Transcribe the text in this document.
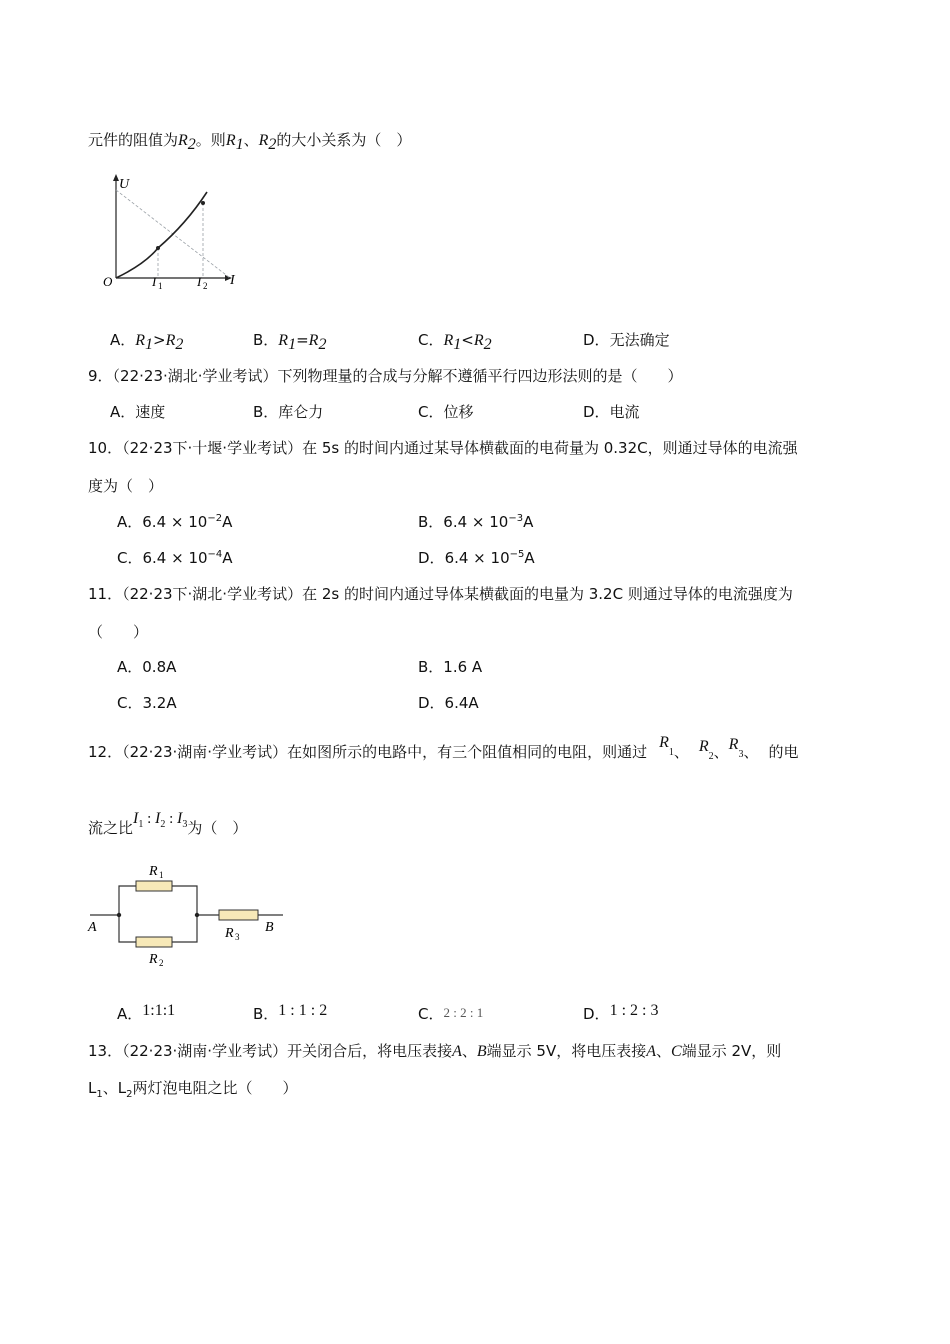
元件的阻值为$R_2$。则$R_1$、$R_2$的大小关系为（　）
U
I
O	I 1	I 2
A．$R_1>R_2$	B．$R_1=R_2$	C．$R_1<R_2$	D．无法确定
9．（22·23·湖北·学业考试）下列物理量的合成与分解不遵循平行四边形法则的是（　　）
A．速度	B．库仑力	C．位移	D．电流
10．（22·23下·十堰·学业考试）在 5s 的时间内通过某导体横截面的电荷量为 0.32C，则通过导体的电流强
度为（　）
A．$6.4 \times 10^{-2}A$	B．$6.4 \times 10^{-3}A$
C．$6.4 \times 10^{-4}A$	D．$6.4 \times 10^{-5}A$
11．（22·23下·湖北·学业考试）在 2s 的时间内通过导体某横截面的电量为 3.2C 则通过导体的电流强度为
（　　）
A．0.8A	B．1.6 A
C．3.2A	D．6.4A
12．（22·23·湖南·学业考试）在如图所示的电路中，有三个阻值相同的电阻，则通过$R_1$、 $R_2$、$R_3$、 的电
流之比$I_1$ : $I_2$ : $I_3$为（　）
R 1
R 2
R 3
A	B
A．1:1:1	B．1 : 1 : 2	C．2 : 2 : 1	D．1 : 2 : 3
13．（22·23·湖南·学业考试）开关闭合后，将电压表接A、B端显示 5V，将电压表接A、C端显示 2V，则
$L_1$、$L_2$两灯泡电阻之比（　　）
